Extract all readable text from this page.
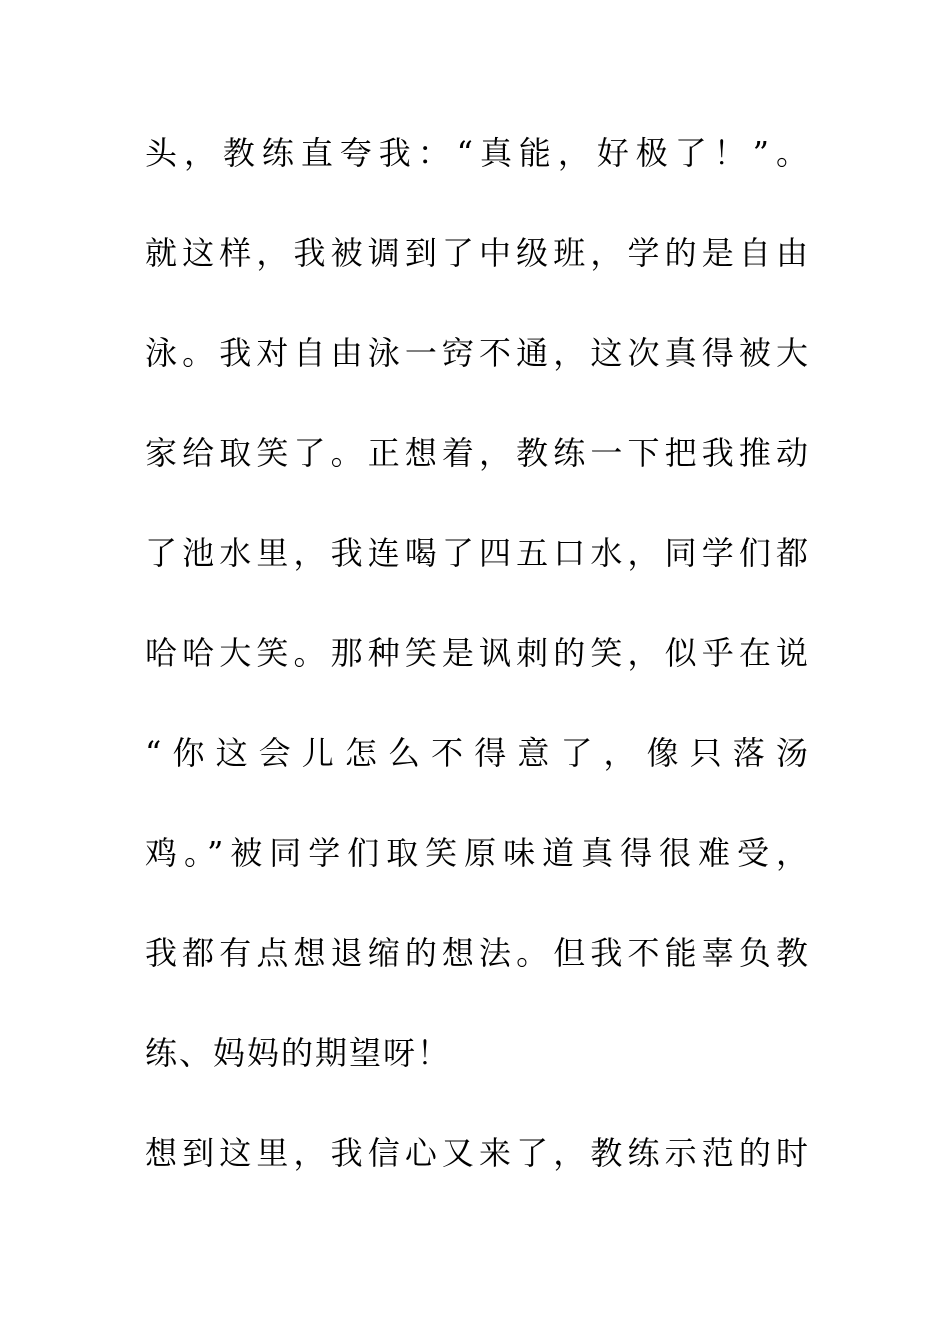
头，教练直夸我：“真能，好极了！”。
就这样，我被调到了中级班，学的是自由
泳。我对自由泳一窍不通，这次真得被大
家给取笑了。正想着，教练一下把我推动
了池水里，我连喝了四五口水，同学们都
哈哈大笑。那种笑是讽刺的笑，似乎在说
“你这会儿怎么不得意了，像只落汤
鸡。”被同学们取笑原味道真得很难受，
我都有点想退缩的想法。但我不能辜负教
练、妈妈的期望呀！
想到这里，我信心又来了，教练示范的时
